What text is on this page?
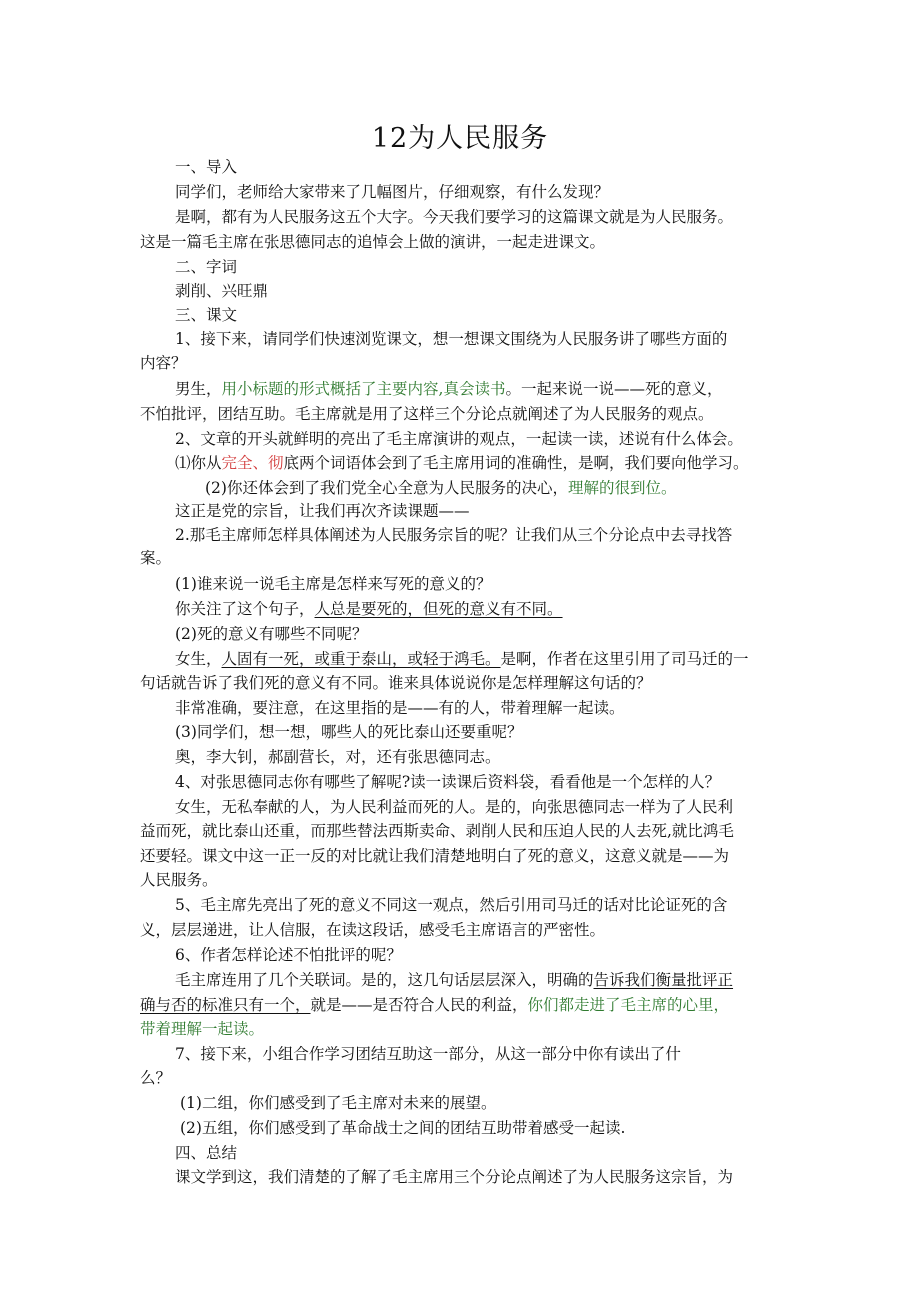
12为人民服务
一、导入
同学们，老师给大家带来了几幅图片，仔细观察，有什么发现？
是啊，都有为人民服务这五个大字。今天我们要学习的这篇课文就是为人民服务。
这是一篇毛主席在张思德同志的追悼会上做的演讲，一起走进课文。
二、字词
剥削、兴旺鼎
三、课文
1、接下来，请同学们快速浏览课文，想一想课文围绕为人民服务讲了哪些方面的
内容？
男生，用小标题的形式概括了主要内容,真会读书。一起来说一说——死的意义，
不怕批评，团结互助。毛主席就是用了这样三个分论点就阐述了为人民服务的观点。
2、文章的开头就鲜明的亮出了毛主席演讲的观点，一起读一读，述说有什么体会。
⑴你从完全、彻底两个词语体会到了毛主席用词的准确性，是啊，我们要向他学习。
(2)你还体会到了我们党全心全意为人民服务的决心，理解的很到位。
这正是党的宗旨，让我们再次齐读课题——
2.那毛主席师怎样具体阐述为人民服务宗旨的呢？让我们从三个分论点中去寻找答
案。
(1)谁来说一说毛主席是怎样来写死的意义的？
你关注了这个句子，人总是要死的，但死的意义有不同。
(2)死的意义有哪些不同呢？
女生，人固有一死，或重于泰山，或轻于鸿毛。是啊，作者在这里引用了司马迁的一
句话就告诉了我们死的意义有不同。谁来具体说说你是怎样理解这句话的？
非常准确，要注意，在这里指的是——有的人，带着理解一起读。
(3)同学们，想一想，哪些人的死比泰山还要重呢？
奥，李大钊，郝副营长，对，还有张思德同志。
4、对张思德同志你有哪些了解呢?读一读课后资料袋，看看他是一个怎样的人？
女生，无私奉献的人，为人民利益而死的人。是的，向张思德同志一样为了人民利
益而死，就比泰山还重，而那些替法西斯卖命、剥削人民和压迫人民的人去死,就比鸿毛
还要轻。课文中这一正一反的对比就让我们清楚地明白了死的意义，这意义就是——为
人民服务。
5、毛主席先亮出了死的意义不同这一观点，然后引用司马迁的话对比论证死的含
义，层层递进，让人信服，在读这段话，感受毛主席语言的严密性。
6、作者怎样论述不怕批评的呢？
毛主席连用了几个关联词。是的，这几句话层层深入，明确的告诉我们衡量批评正
确与否的标准只有一个，就是——是否符合人民的利益，你们都走进了毛主席的心里，
带着理解一起读。
7、接下来，小组合作学习团结互助这一部分，从这一部分中你有读出了什
么？
(1)二组，你们感受到了毛主席对未来的展望。
(2)五组，你们感受到了革命战士之间的团结互助带着感受一起读.
四、总结
课文学到这，我们清楚的了解了毛主席用三个分论点阐述了为人民服务这宗旨，为
